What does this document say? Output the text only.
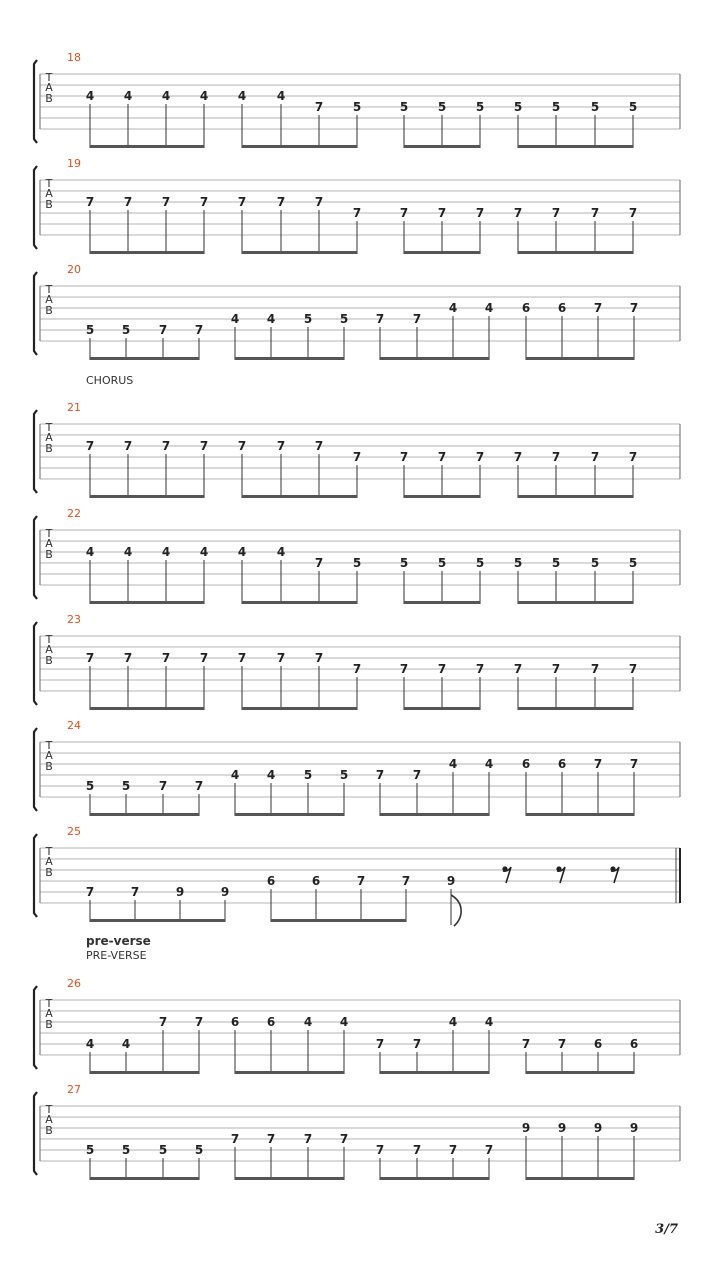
T
A
B
18
4 4 4 4 4	4
7 5	5 5 5 5 5	5 5
T
A
B
19
7 7 7 7 7	7 7
7	7 7 7 7 7	7 7
T
A
B
20
5 5 7 7
4 4 5 5 7 7
4 4 6 6 7 7
T
A
B
21
7 7 7 7 7	7 7
7	7 7 7 7 7	7 7
T
A
B
22
4 4 4 4 4	4
7 5	5 5 5 5 5	5 5
T
A
B
23
7 7 7 7 7	7 7
7	7 7 7 7 7	7 7
T
A
B
24
5 5 7 7
4 4 5 5 7 7
4 4 6 6 7 7
T
A
B
25
7	7	9	9
6	6	7	7	9
T
A
B
26
4 4
7 7 6 6 4 4
7 7
4 4
7 7 6 6
T
A
B
27
5 5 5 5
7 7 7 7
7 7 7 7
9 9 9 9
CHORUS
pre-verse
PRE-VERSE
3/7
